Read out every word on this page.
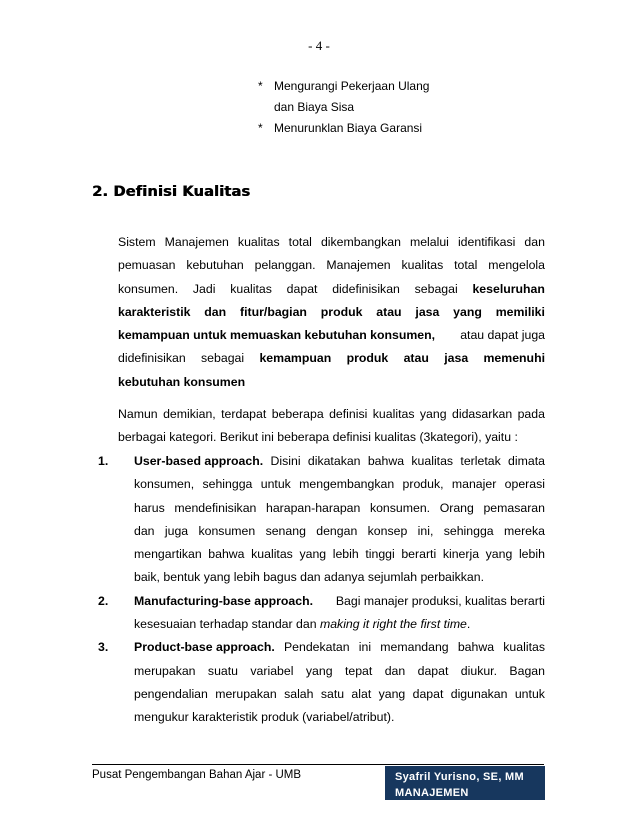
- 4 -
* Mengurangi Pekerjaan Ulang
dan Biaya Sisa
* Menurunklan Biaya Garansi
2. Definisi Kualitas
Sistem Manajemen kualitas total dikembangkan melalui identifikasi dan
pemuasan kebutuhan pelanggan. Manajemen kualitas total mengelola
konsumen. Jadi kualitas dapat didefinisikan sebagai keseluruhan
karakteristik dan fitur/bagian produk atau jasa yang memiliki
kemampuan untuk memuaskan kebutuhan konsumen, atau dapat juga
didefinisikan sebagai kemampuan produk atau jasa memenuhi
kebutuhan konsumen
Namun demikian, terdapat beberapa definisi kualitas yang didasarkan pada
berbagai kategori. Berikut ini beberapa definisi kualitas (3kategori), yaitu :
1. User-based approach. Disini dikatakan bahwa kualitas terletak dimata
konsumen, sehingga untuk mengembangkan produk, manajer operasi
harus mendefinisikan harapan-harapan konsumen. Orang pemasaran
dan juga konsumen senang dengan konsep ini, sehingga mereka
mengartikan bahwa kualitas yang lebih tinggi berarti kinerja yang lebih
baik, bentuk yang lebih bagus dan adanya sejumlah perbaikkan.
2. Manufacturing-base approach. Bagi manajer produksi, kualitas berarti
kesesuaian terhadap standar dan making it right the first time.
3. Product-base approach. Pendekatan ini memandang bahwa kualitas
merupakan suatu variabel yang tepat dan dapat diukur. Bagan
pengendalian merupakan salah satu alat yang dapat digunakan untuk
mengukur karakteristik produk (variabel/atribut).
Pusat Pengembangan Bahan Ajar - UMB	Syafril Yurisno, SE, MM
MANAJEMEN OPRASIONAL
